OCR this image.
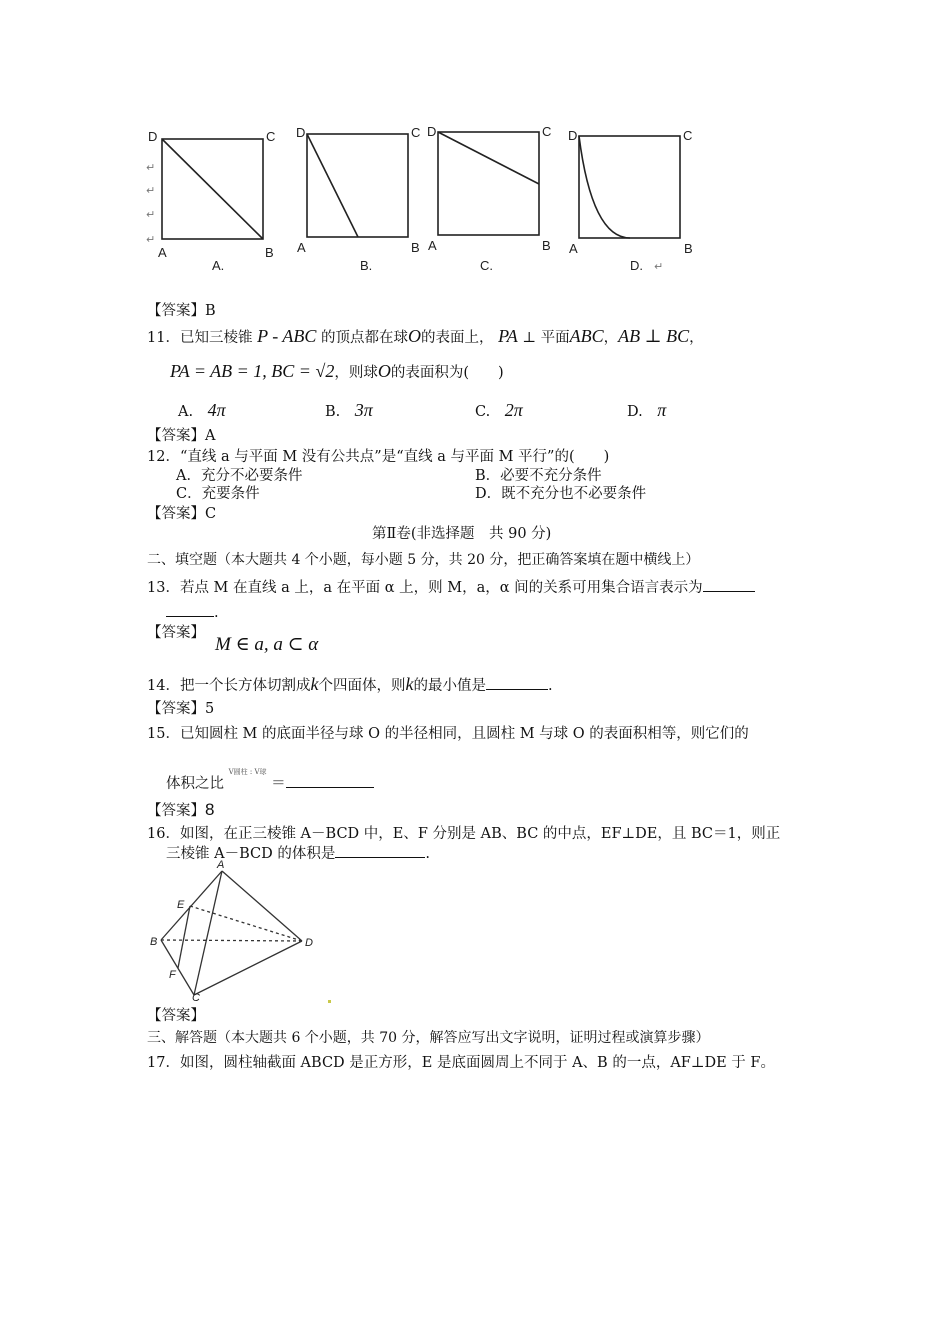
D	C
A	B
A.
↵
↵
↵
↵
D	C
A	B
B.
D	C
A	B
C.
D	C
A	B
D. ↵
【答案】B
11．已知三棱锥 P - ABC 的顶点都在球O的表面上， PA ⊥ 平面ABC，AB ⊥ BC，
PA = AB = 1, BC = √2，则球O的表面积为(　　)
A.　 4π	B.　 3π	C.　 2π	D.　 π
【答案】A
12．“直线 a 与平面 M 没有公共点”是“直线 a 与平面 M 平行”的(　　)
A．充分不必要条件	B．必要不充分条件
C．充要条件	D．既不充分也不必要条件
【答案】C
第Ⅱ卷(非选择题　共 90 分)
二、填空题（本大题共 4 个小题，每小题 5 分，共 20 分，把正确答案填在题中横线上）
13．若点 M 在直线 a 上，a 在平面 α 上，则 M，a，α 间的关系可用集合语言表示为
.
【答案】
M ∈ a, a ⊂ α
14．把一个长方体切割成k个四面体，则k的最小值是	.
【答案】5
15．已知圆柱 M 的底面半径与球 O 的半径相同，且圆柱 M 与球 O 的表面积相等，则它们的
体积之比 V圆柱 : V球 ＝
【答案】8
16．如图，在正三棱锥 A－BCD 中，E、F 分别是 AB、BC 的中点，EF⊥DE，且 BC＝1，则正
三棱锥 A－BCD 的体积是	.
A
E
B	D
F
C
【答案】
三、解答题（本大题共 6 个小题，共 70 分，解答应写出文字说明，证明过程或演算步骤）
17．如图，圆柱轴截面 ABCD 是正方形，E 是底面圆周上不同于 A、B 的一点，AF⊥DE 于 F。
